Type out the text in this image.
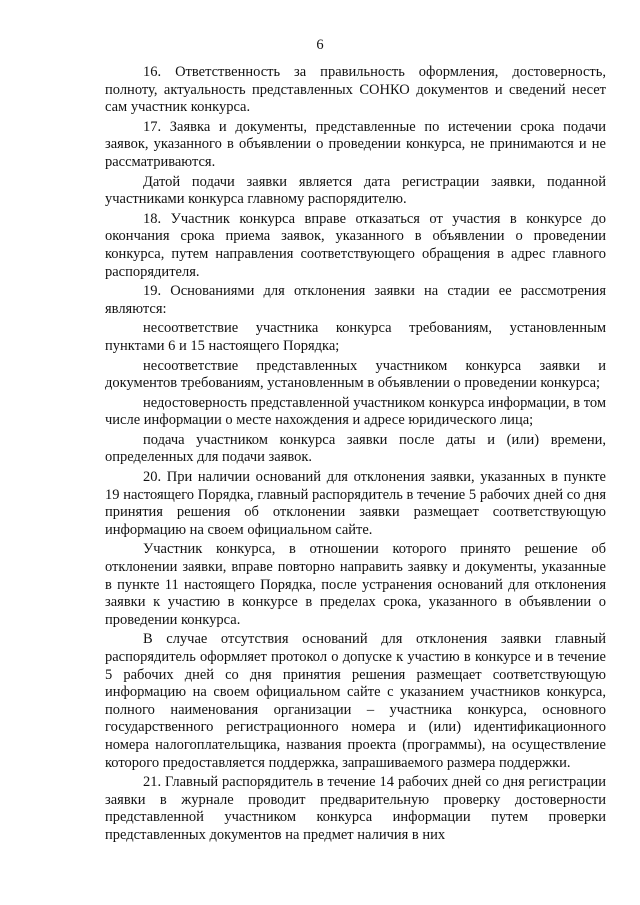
6

16. Ответственность за правильность оформления, достоверность, полноту, актуальность представленных СОНКО документов и сведений несет сам участник конкурса.

17. Заявка и документы, представленные по истечении срока подачи заявок, указанного в объявлении о проведении конкурса, не принимаются и не рассматриваются.

Датой подачи заявки является дата регистрации заявки, поданной участниками конкурса главному распорядителю.

18. Участник конкурса вправе отказаться от участия в конкурсе до окончания срока приема заявок, указанного в объявлении о проведении конкурса, путем направления соответствующего обращения в адрес главного распорядителя.

19. Основаниями для отклонения заявки на стадии ее рассмотрения являются:

несоответствие участника конкурса требованиям, установленным пунктами 6 и 15 настоящего Порядка;

несоответствие представленных участником конкурса заявки и документов требованиям, установленным в объявлении о проведении конкурса;

недостоверность представленной участником конкурса информации, в том числе информации о месте нахождения и адресе юридического лица;

подача участником конкурса заявки после даты и (или) времени, определенных для подачи заявок.

20. При наличии оснований для отклонения заявки, указанных в пункте 19 настоящего Порядка, главный распорядитель в течение 5 рабочих дней со дня принятия решения об отклонении заявки размещает соответствующую информацию на своем официальном сайте.

Участник конкурса, в отношении которого принято решение об отклонении заявки, вправе повторно направить заявку и документы, указанные в пункте 11 настоящего Порядка, после устранения оснований для отклонения заявки к участию в конкурсе в пределах срока, указанного в объявлении о проведении конкурса.

В случае отсутствия оснований для отклонения заявки главный распорядитель оформляет протокол о допуске к участию в конкурсе и в течение 5 рабочих дней со дня принятия решения размещает соответствующую информацию на своем официальном сайте с указанием участников конкурса, полного наименования организации – участника конкурса, основного государственного регистрационного номера и (или) идентификационного номера налогоплательщика, названия проекта (программы), на осуществление которого предоставляется поддержка, запрашиваемого размера поддержки.

21. Главный распорядитель в течение 14 рабочих дней со дня регистрации заявки в журнале проводит предварительную проверку достоверности представленной участником конкурса информации путем проверки представленных документов на предмет наличия в них
